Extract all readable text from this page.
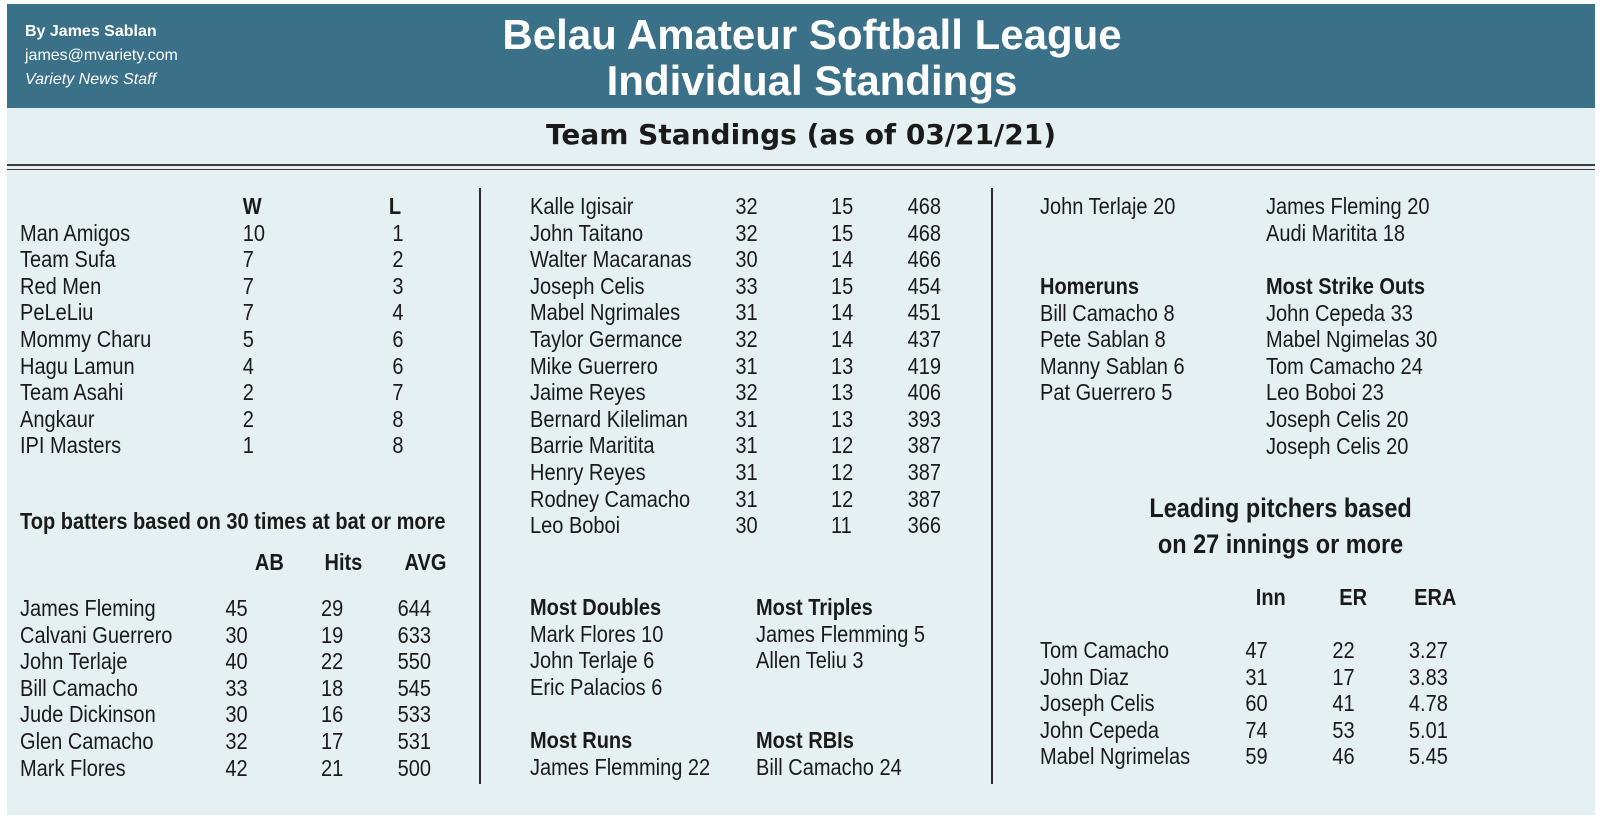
By James Sablan
james@mvariety.com
Variety News Staff
Belau Amateur Softball League
Individual Standings
Team Standings (as of 03/21/21)
W	L
Man Amigos	10	1
Team Sufa	7	2
Red Men	7	3
PeLeLiu	7	4
Mommy Charu	5	6
Hagu Lamun	4	6
Team Asahi	2	7
Angkaur	2	8
IPI Masters	1	8
Top batters based on 30 times at bat or more
AB Hits AVG
James Fleming	45	29 644
Calvani Guerrero 30	19 633
John Terlaje	40	22 550
Bill Camacho	33	18 545
Jude Dickinson	30	16 533
Glen Camacho	32	17 531
Mark Flores	42	21 500
Kalle Igisair	32	15 468
John Taitano	32	15 468
Walter Macaranas 30	14 466
Joseph Celis	33	15 454
Mabel Ngrimales 31	14 451
Taylor Germance 32	14 437
Mike Guerrero	31	13 419
Jaime Reyes	32	13 406
Bernard Kileliman 31	13 393
Barrie Maritita	31	12 387
Henry Reyes	31	12 387
Rodney Camacho 31	12 387
Leo Boboi	30	11 366
Most Doubles
Mark Flores 10
John Terlaje 6
Eric Palacios 6
Most Triples
James Flemming 5
Allen Teliu 3
Most Runs
James Flemming 22
Most RBIs
Bill Camacho 24
John Terlaje 20	James Fleming 20
Audi Maritita 18
Homeruns
Bill Camacho 8
Pete Sablan 8
Manny Sablan 6
Pat Guerrero 5
Most Strike Outs
John Cepeda 33
Mabel Ngimelas 30
Tom Camacho 24
Leo Boboi 23
Joseph Celis 20
Joseph Celis 20
Leading pitchers based
on 27 innings or more
Inn ER ERA
Tom Camacho	47	22 3.27
John Diaz	31	17 3.83
Joseph Celis	60	41 4.78
John Cepeda	74	53 5.01
Mabel Ngrimelas 59	46 5.45
